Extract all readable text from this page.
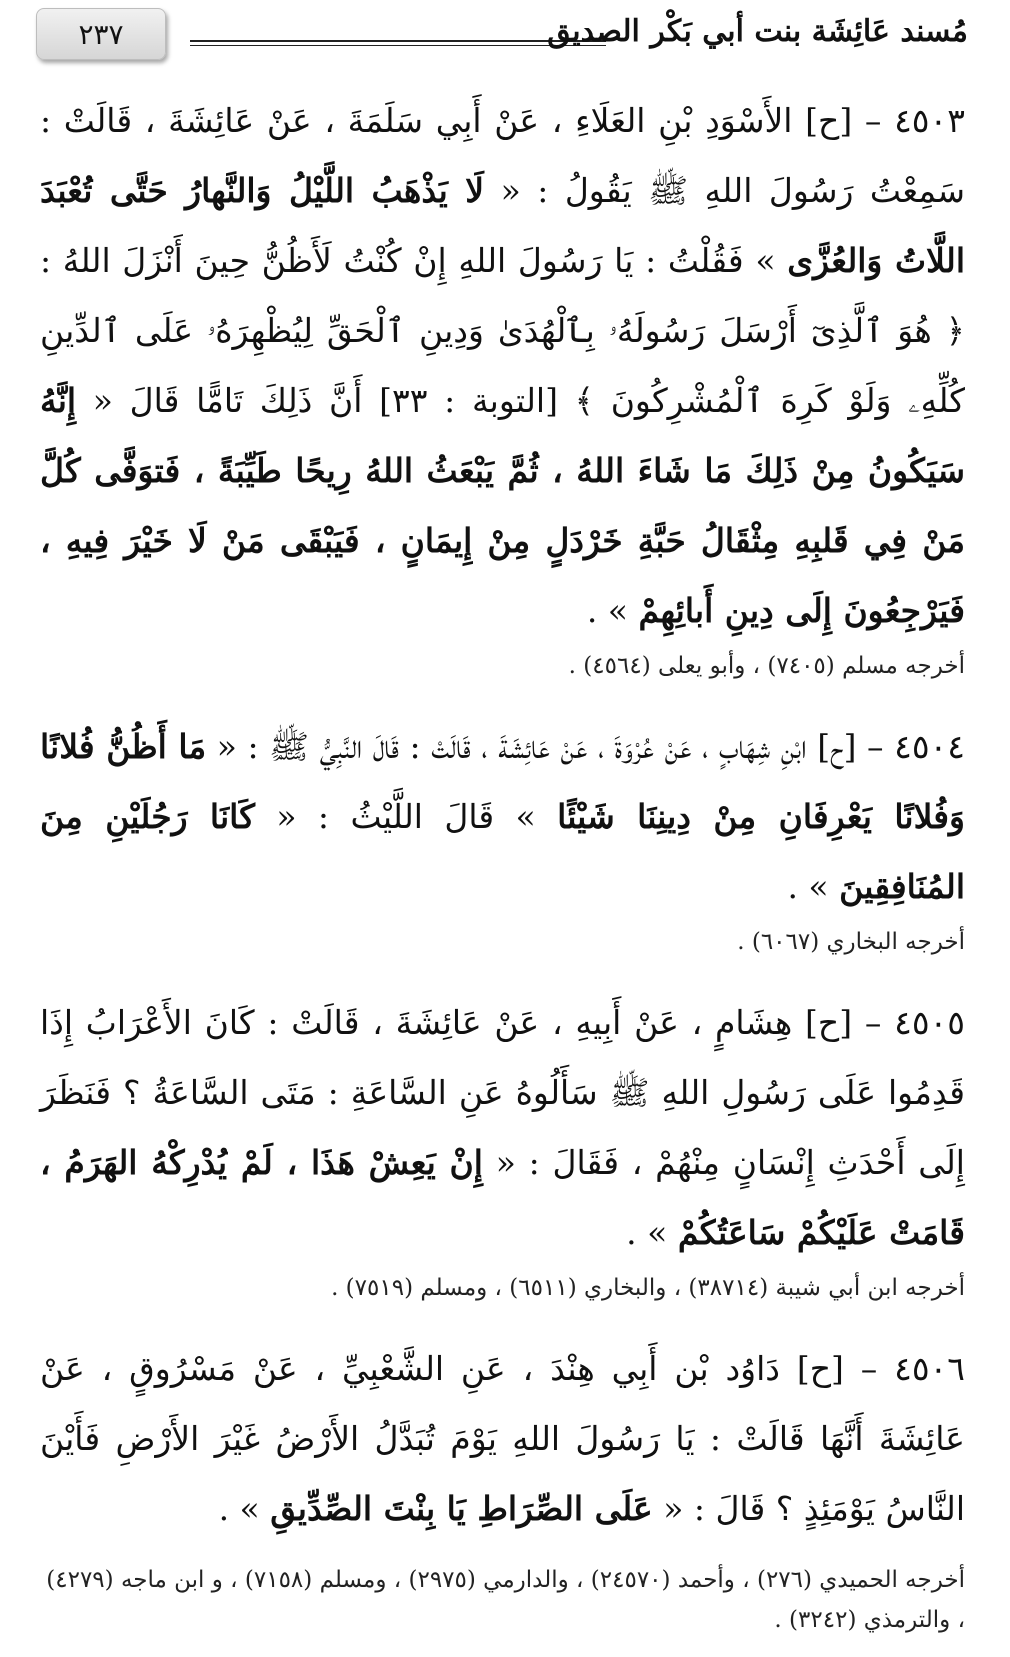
٢٣٧	مُسند عَائِشَة بنت أبي بَكْر الصديق

٤٥٠٣ – [ح] الأَسْوَدِ بْنِ العَلَاءِ ، عَنْ أَبِي سَلَمَةَ ، عَنْ عَائِشَةَ ، قَالَتْ : سَمِعْتُ رَسُولَ اللهِ ﷺ يَقُولُ : « لَا يَذْهَبُ اللَّيْلُ وَالنَّهارُ حَتَّى تُعْبَدَ اللَّاتُ وَالعُزَّى » فَقُلْتُ : يَا رَسُولَ اللهِ إِنْ كُنْتُ لَأَظُنُّ حِينَ أَنْزَلَ اللهُ : ﴿ هُوَ ٱلَّذِىٓ أَرْسَلَ رَسُولَهُۥ بِٱلْهُدَىٰ وَدِينِ ٱلْحَقِّ لِيُظْهِرَهُۥ عَلَى ٱلدِّينِ كُلِّهِۦ وَلَوْ كَرِهَ ٱلْمُشْرِكُونَ ﴾ [التوبة : ٣٣] أَنَّ ذَلِكَ تَامًّا قَالَ « إِنَّهُ سَيَكُونُ مِنْ ذَلِكَ مَا شَاءَ اللهُ ، ثُمَّ يَبْعَثُ اللهُ رِيحًا طَيِّبَةً ، فَتوَفَّى كُلَّ مَنْ فِي قَلبِهِ مِثْقَالُ حَبَّةِ خَرْدَلٍ مِنْ إِيمَانٍ ، فَيَبْقَى مَنْ لَا خَيْرَ فِيهِ ، فَيَرْجِعُونَ إِلَى دِينِ أَبائِهِمْ » .

أخرجه مسلم (٧٤٠٥) ، وأبو يعلى (٤٥٦٤) .

٤٥٠٤ – [ح] ابْنِ شِهَابٍ ، عَنْ عُرْوَةَ ، عَنْ عَائِشَةَ ، قَالَتْ : قَالَ النَّبِيُّ ﷺ : « مَا أَظُنُّ فُلانًا وَفُلانًا يَعْرِفَانِ مِنْ دِينِنَا شَيْئًا » قَالَ اللَّيْثُ : « كَانَا رَجُلَيْنِ مِنَ المُنَافِقِينَ » .

أخرجه البخاري (٦٠٦٧) .

٤٥٠٥ – [ح] هِشَامٍ ، عَنْ أَبِيهِ ، عَنْ عَائِشَةَ ، قَالَتْ : كَانَ الأَعْرَابُ إِذَا قَدِمُوا عَلَى رَسُولِ اللهِ ﷺ سَأَلُوهُ عَنِ السَّاعَةِ : مَتَى السَّاعَةُ ؟ فَنَظَرَ إِلَى أَحْدَثِ إِنْسَانٍ مِنْهُمْ ، فَقَالَ : « إِنْ يَعِشْ هَذَا ، لَمْ يُدْرِكْهُ الهَرَمُ ، قَامَتْ عَلَيْكُمْ سَاعَتُكُمْ » .

أخرجه ابن أبي شيبة (٣٨٧١٤) ، والبخاري (٦٥١١) ، ومسلم (٧٥١٩) .

٤٥٠٦ – [ح] دَاوُد بْن أَبِي هِنْدَ ، عَنِ الشَّعْبِيِّ ، عَنْ مَسْرُوقٍ ، عَنْ عَائِشَةَ أَنَّهَا قَالَتْ : يَا رَسُولَ اللهِ يَوْمَ تُبَدَّلُ الأَرْضُ غَيْرَ الأَرْضِ فَأَيْنَ النَّاسُ يَوْمَئِذٍ ؟ قَالَ : « عَلَى الصِّرَاطِ يَا بِنْتَ الصِّدِّيقِ » .

أخرجه الحميدي (٢٧٦) ، وأحمد (٢٤٥٧٠) ، والدارمي (٢٩٧٥) ، ومسلم (٧١٥٨) ، و ابن ماجه (٤٢٧٩) ، والترمذي (٣٢٤٢) .
